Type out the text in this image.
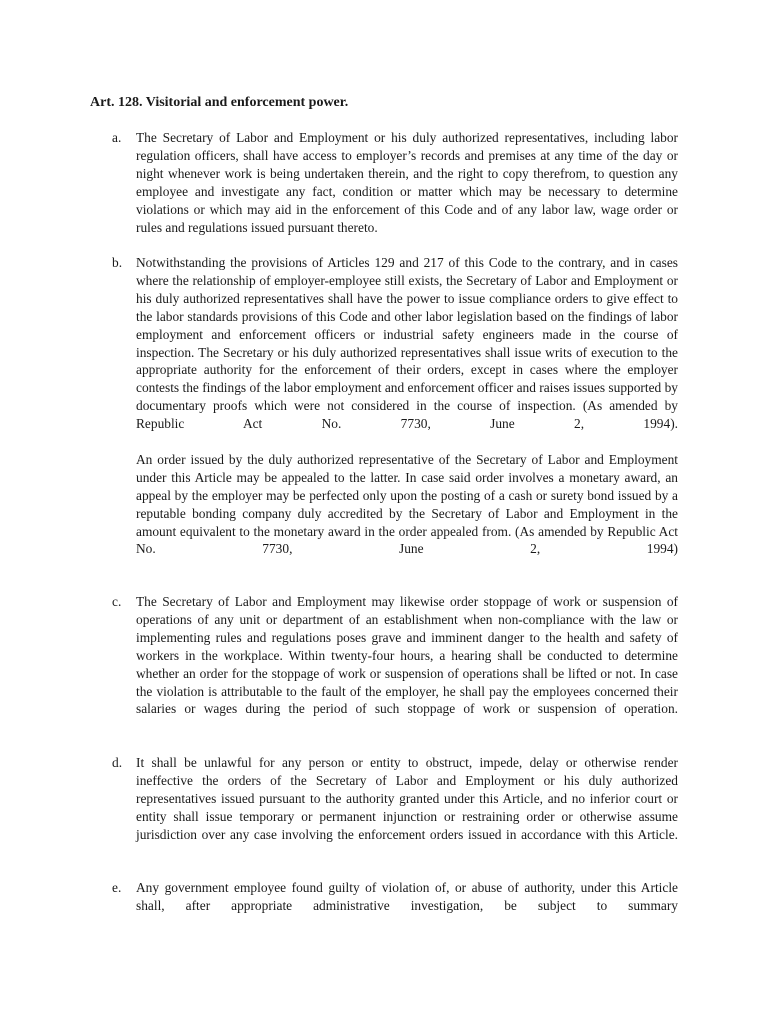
Art. 128. Visitorial and enforcement power.
a.	The Secretary of Labor and Employment or his duly authorized representatives, including labor regulation officers, shall have access to employer’s records and premises at any time of the day or night whenever work is being undertaken therein, and the right to copy therefrom, to question any employee and investigate any fact, condition or matter which may be necessary to determine violations or which may aid in the enforcement of this Code and of any labor law, wage order or rules and regulations issued pursuant thereto.

b.	Notwithstanding the provisions of Articles 129 and 217 of this Code to the contrary, and in cases where the relationship of employer-employee still exists, the Secretary of Labor and Employment or his duly authorized representatives shall have the power to issue compliance orders to give effect to the labor standards provisions of this Code and other labor legislation based on the findings of labor employment and enforcement officers or industrial safety engineers made in the course of inspection. The Secretary or his duly authorized representatives shall issue writs of execution to the appropriate authority for the enforcement of their orders, except in cases where the employer contests the findings of the labor employment and enforcement officer and raises issues supported by documentary proofs which were not considered in the course of inspection. (As amended by Republic Act No. 7730, June 2, 1994).

An order issued by the duly authorized representative of the Secretary of Labor and Employment under this Article may be appealed to the latter. In case said order involves a monetary award, an appeal by the employer may be perfected only upon the posting of a cash or surety bond issued by a reputable bonding company duly accredited by the Secretary of Labor and Employment in the amount equivalent to the monetary award in the order appealed from. (As amended by Republic Act No. 7730, June 2, 1994)

c.	The Secretary of Labor and Employment may likewise order stoppage of work or suspension of operations of any unit or department of an establishment when non-compliance with the law or implementing rules and regulations poses grave and imminent danger to the health and safety of workers in the workplace. Within twenty-four hours, a hearing shall be conducted to determine whether an order for the stoppage of work or suspension of operations shall be lifted or not. In case the violation is attributable to the fault of the employer, he shall pay the employees concerned their salaries or wages during the period of such stoppage of work or suspension of operation.

d.	It shall be unlawful for any person or entity to obstruct, impede, delay or otherwise render ineffective the orders of the Secretary of Labor and Employment or his duly authorized representatives issued pursuant to the authority granted under this Article, and no inferior court or entity shall issue temporary or permanent injunction or restraining order or otherwise assume jurisdiction over any case involving the enforcement orders issued in accordance with this Article.

e.	Any government employee found guilty of violation of, or abuse of authority, under this Article shall, after appropriate administrative investigation, be subject to summary
